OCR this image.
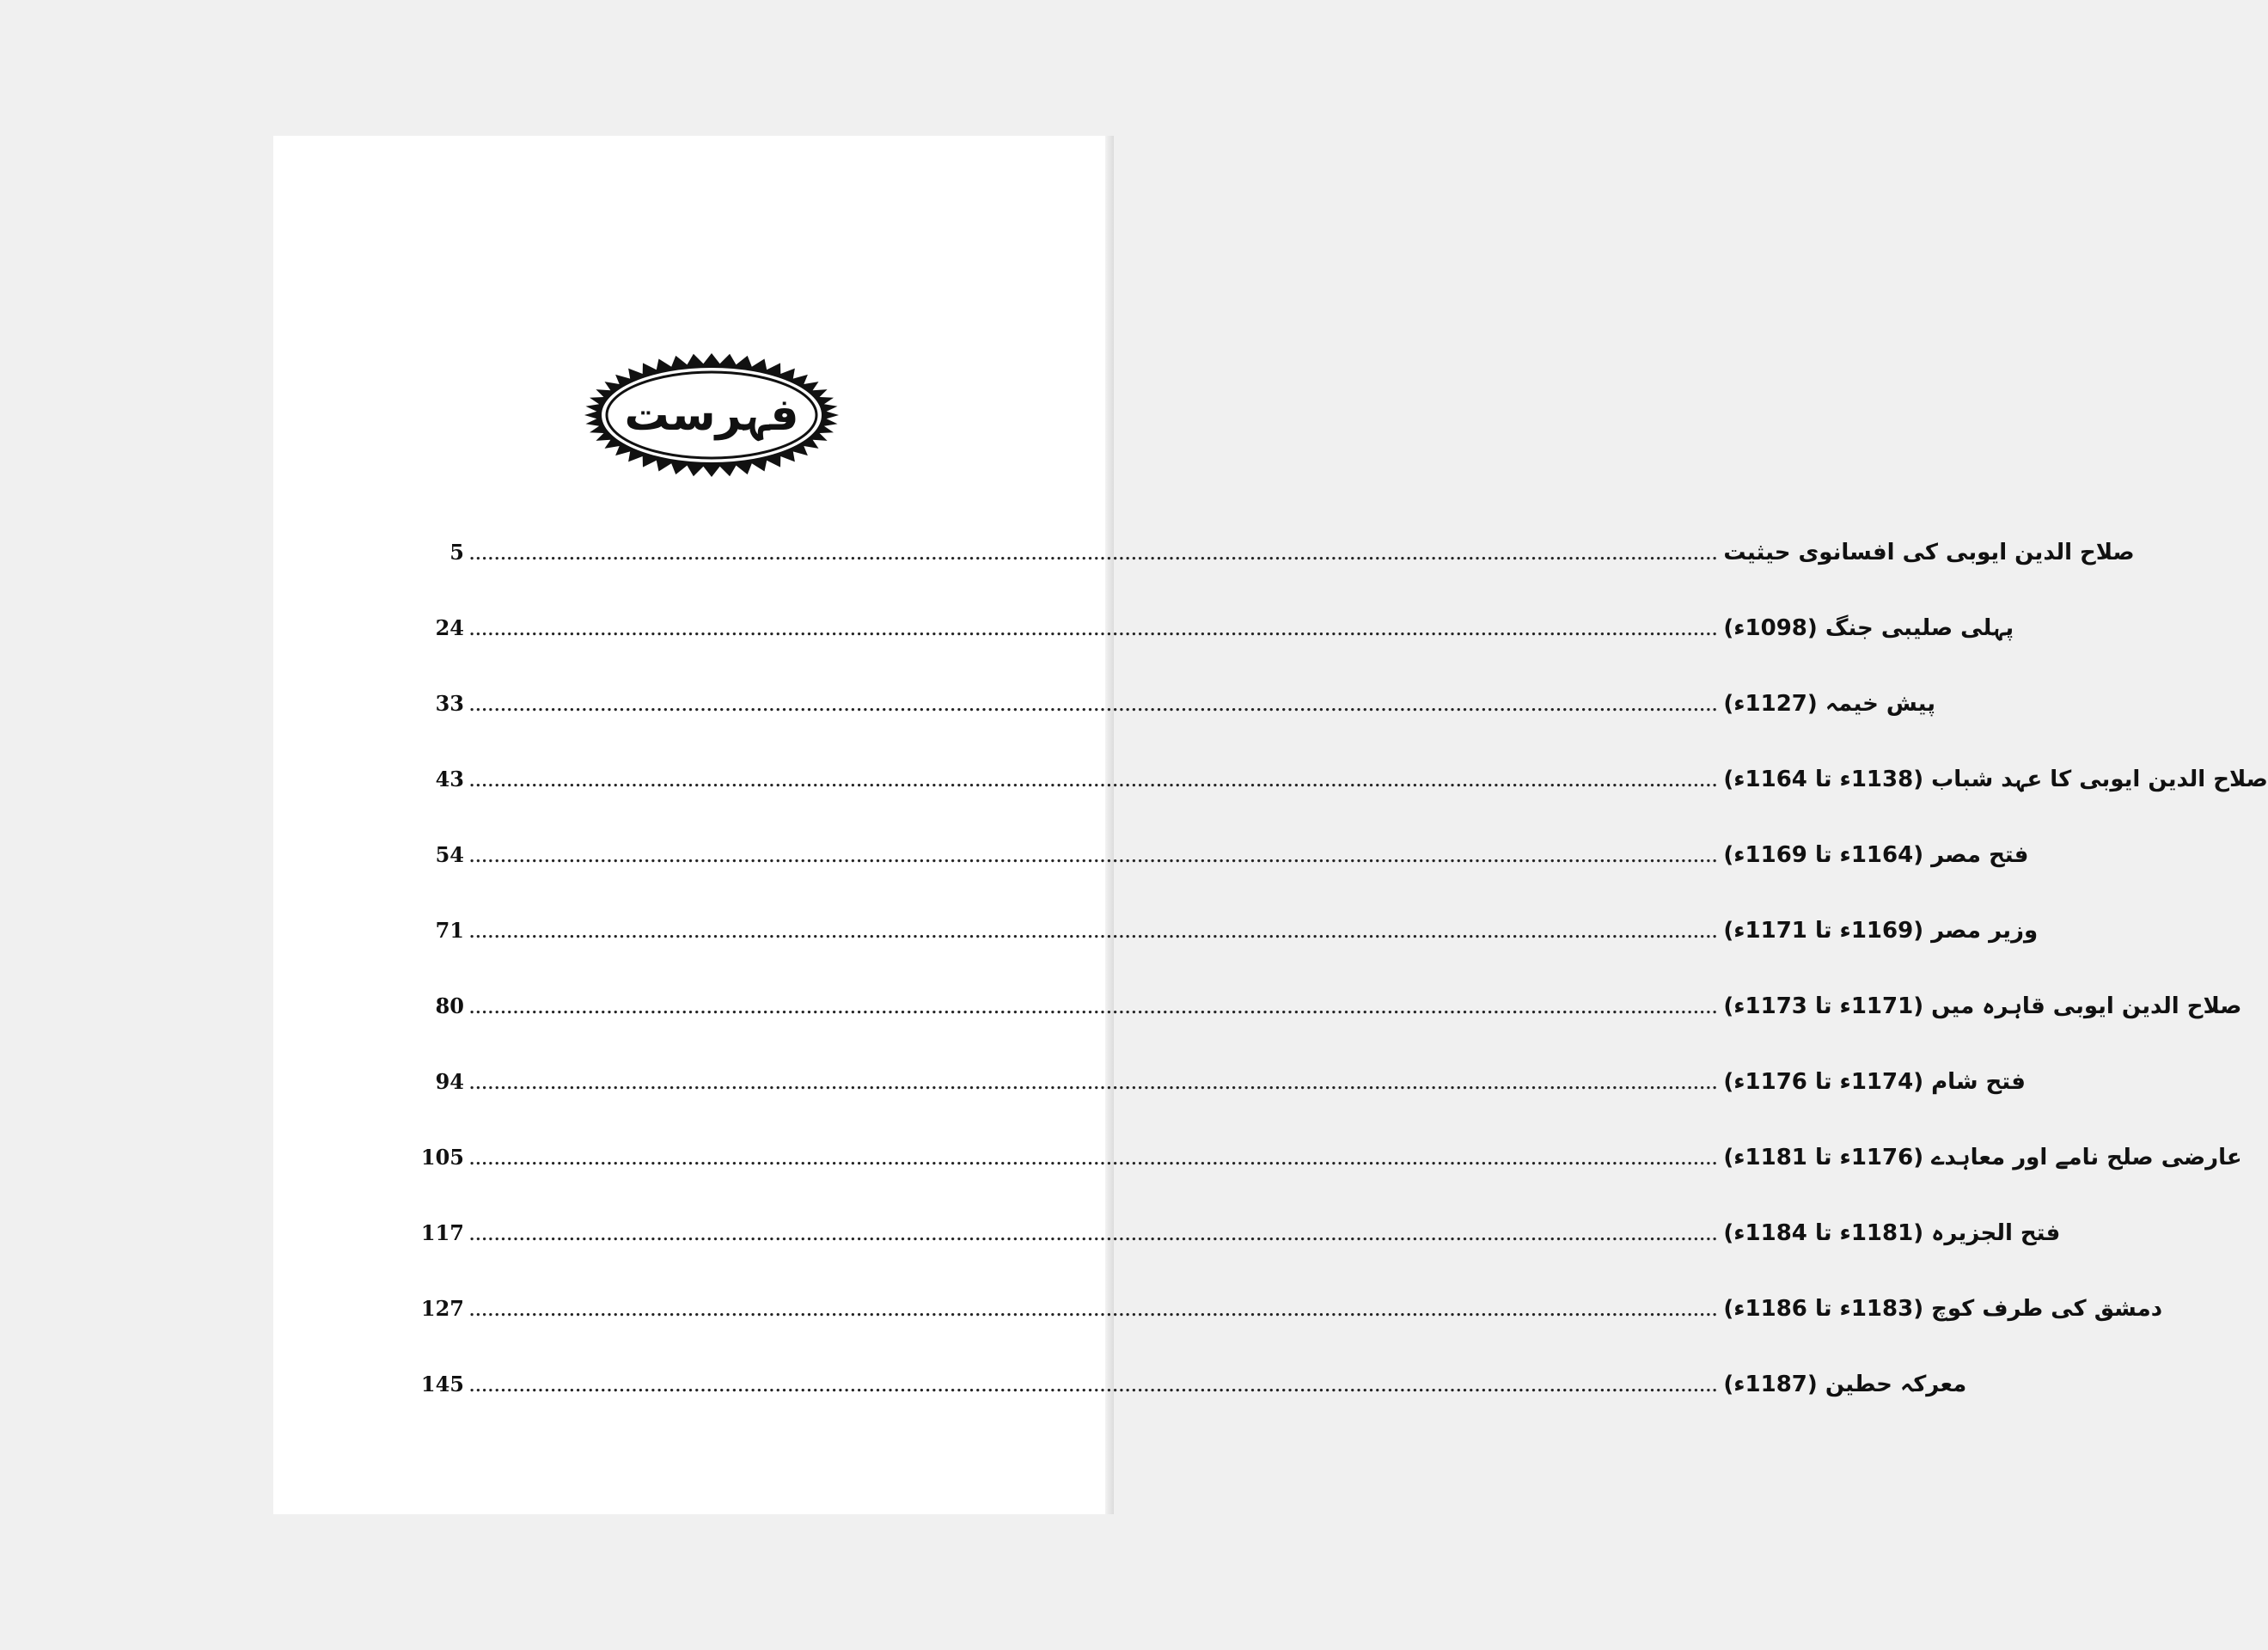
فہرست
5 ........................................................................................................................................................................................................ صلاح الدین ایوبی کی افسانوی حیثیت
24 ........................................................................................................................................................................................................ پہلی صلیبی جنگ (1098ء)
33 ........................................................................................................................................................................................................ پیش خیمہ (1127ء)
43 ........................................................................................................................................................................................................ صلاح الدین ایوبی کا عہد شباب (1138ء تا 1164ء)
54 ........................................................................................................................................................................................................ فتح مصر (1164ء تا 1169ء)
71 ........................................................................................................................................................................................................ وزیر مصر (1169ء تا 1171ء)
80 ........................................................................................................................................................................................................ صلاح الدین ایوبی قاہرہ میں (1171ء تا 1173ء)
94 ........................................................................................................................................................................................................ فتح شام (1174ء تا 1176ء)
105 ........................................................................................................................................................................................................ عارضی صلح نامے اور معاہدے (1176ء تا 1181ء)
117 ........................................................................................................................................................................................................ فتح الجزیرہ (1181ء تا 1184ء)
127 ........................................................................................................................................................................................................ دمشق کی طرف کوچ (1183ء تا 1186ء)
145 ........................................................................................................................................................................................................ معرکہ حطین (1187ء)
